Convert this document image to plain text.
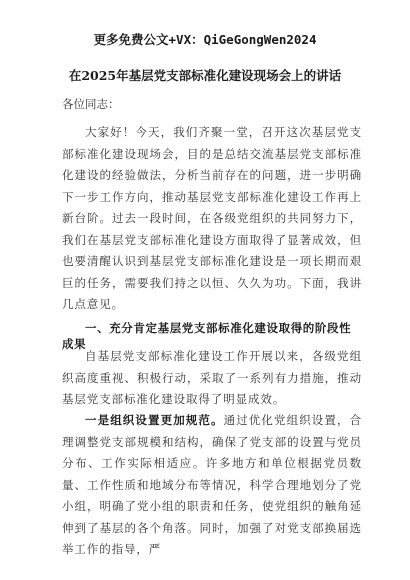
更多免费公文+VX：QiGeGongWen2024
在2025年基层党支部标准化建设现场会上的讲话
各位同志：
大家好！今天，我们齐聚一堂，召开这次基层党支部标准化建设现场会，目的是总结交流基层党支部标准化建设的经验做法，分析当前存在的问题，进一步明确下一步工作方向，推动基层党支部标准化建设工作再上新台阶。过去一段时间，在各级党组织的共同努力下，我们在基层党支部标准化建设方面取得了显著成效，但也要清醒认识到基层党支部标准化建设是一项长期而艰巨的任务，需要我们持之以恒、久久为功。下面，我讲几点意见。
一、充分肯定基层党支部标准化建设取得的阶段性成果
自基层党支部标准化建设工作开展以来，各级党组织高度重视、积极行动，采取了一系列有力措施，推动基层党支部标准化建设取得了明显成效。
一是组织设置更加规范。通过优化党组织设置，合理调整党支部规模和结构，确保了党支部的设置与党员分布、工作实际相适应。许多地方和单位根据党员数量、工作性质和地域分布等情况，科学合理地划分了党小组，明确了党小组的职责和任务，使党组织的触角延伸到了基层的各个角落。同时，加强了对党支部换届选举工作的指导，严
